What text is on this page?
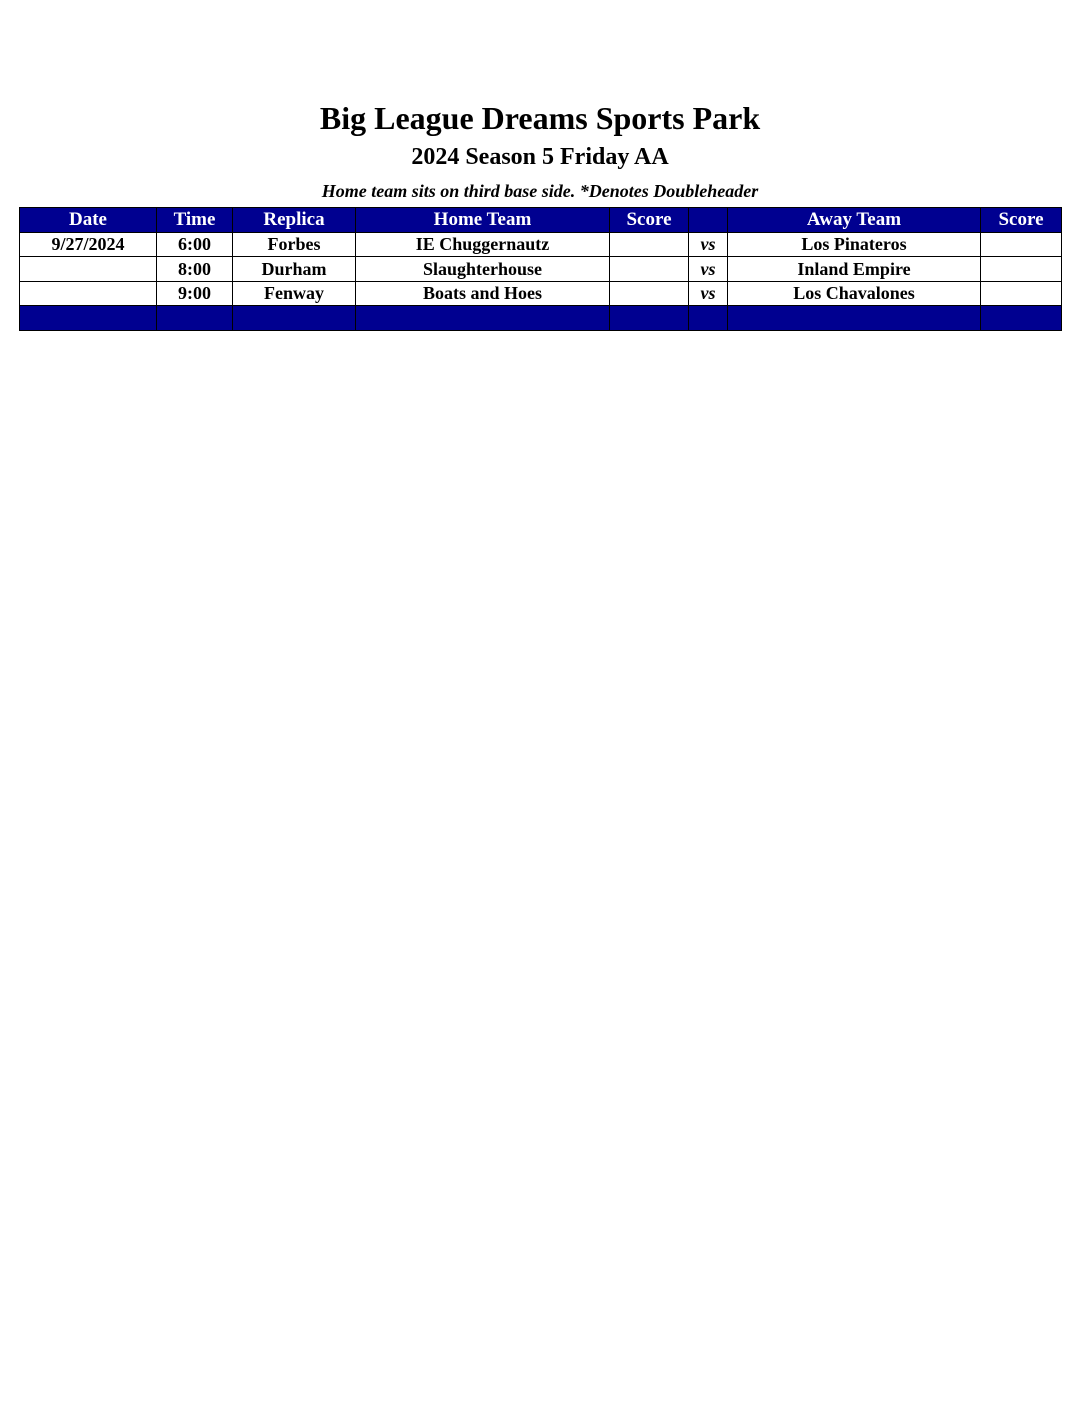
Big League Dreams Sports Park
2024 Season 5 Friday AA
Home team sits on third base side. *Denotes Doubleheader
Date	Time	Replica	Home Team	Score		Away Team	Score
9/27/2024	6:00	Forbes	IE Chuggernautz		vs	Los Pinateros	
	8:00	Durham	Slaughterhouse		vs	Inland Empire	
	9:00	Fenway	Boats and Hoes		vs	Los Chavalones	
